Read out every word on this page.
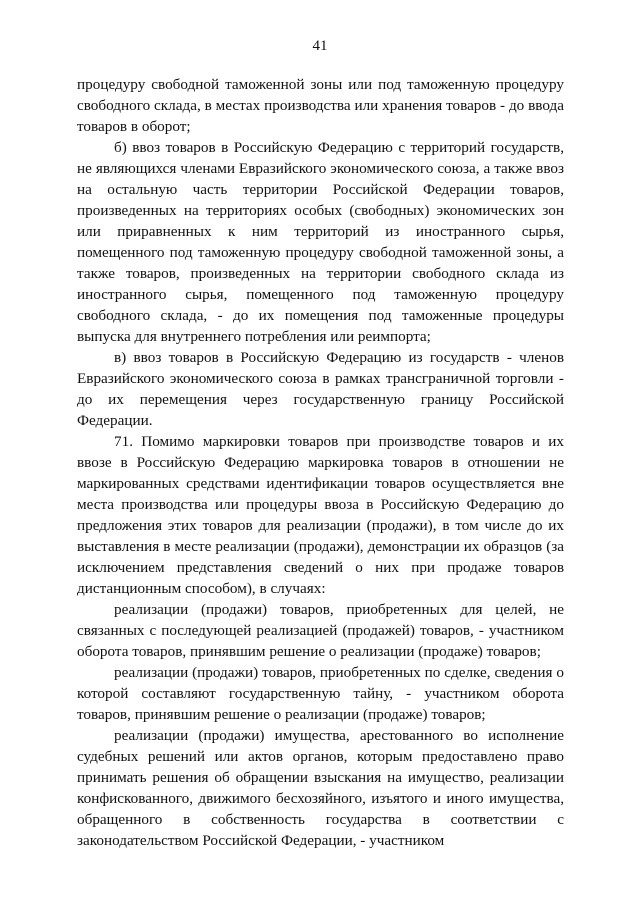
41

процедуру свободной таможенной зоны или под таможенную процедуру свободного склада, в местах производства или хранения товаров - до ввода товаров в оборот;

б) ввоз товаров в Российскую Федерацию с территорий государств, не являющихся членами Евразийского экономического союза, а также ввоз на остальную часть территории Российской Федерации товаров, произведенных на территориях особых (свободных) экономических зон или приравненных к ним территорий из иностранного сырья, помещенного под таможенную процедуру свободной таможенной зоны, а также товаров, произведенных на территории свободного склада из иностранного сырья, помещенного под таможенную процедуру свободного склада, - до их помещения под таможенные процедуры выпуска для внутреннего потребления или реимпорта;

в) ввоз товаров в Российскую Федерацию из государств - членов Евразийского экономического союза в рамках трансграничной торговли - до их перемещения через государственную границу Российской Федерации.

71. Помимо маркировки товаров при производстве товаров и их ввозе в Российскую Федерацию маркировка товаров в отношении не маркированных средствами идентификации товаров осуществляется вне места производства или процедуры ввоза в Российскую Федерацию до предложения этих товаров для реализации (продажи), в том числе до их выставления в месте реализации (продажи), демонстрации их образцов (за исключением представления сведений о них при продаже товаров дистанционным способом), в случаях:

реализации (продажи) товаров, приобретенных для целей, не связанных с последующей реализацией (продажей) товаров, - участником оборота товаров, принявшим решение о реализации (продаже) товаров;

реализации (продажи) товаров, приобретенных по сделке, сведения о которой составляют государственную тайну, - участником оборота товаров, принявшим решение о реализации (продаже) товаров;

реализации (продажи) имущества, арестованного во исполнение судебных решений или актов органов, которым предоставлено право принимать решения об обращении взыскания на имущество, реализации конфискованного, движимого бесхозяйного, изъятого и иного имущества, обращенного в собственность государства в соответствии с законодательством Российской Федерации, - участником
